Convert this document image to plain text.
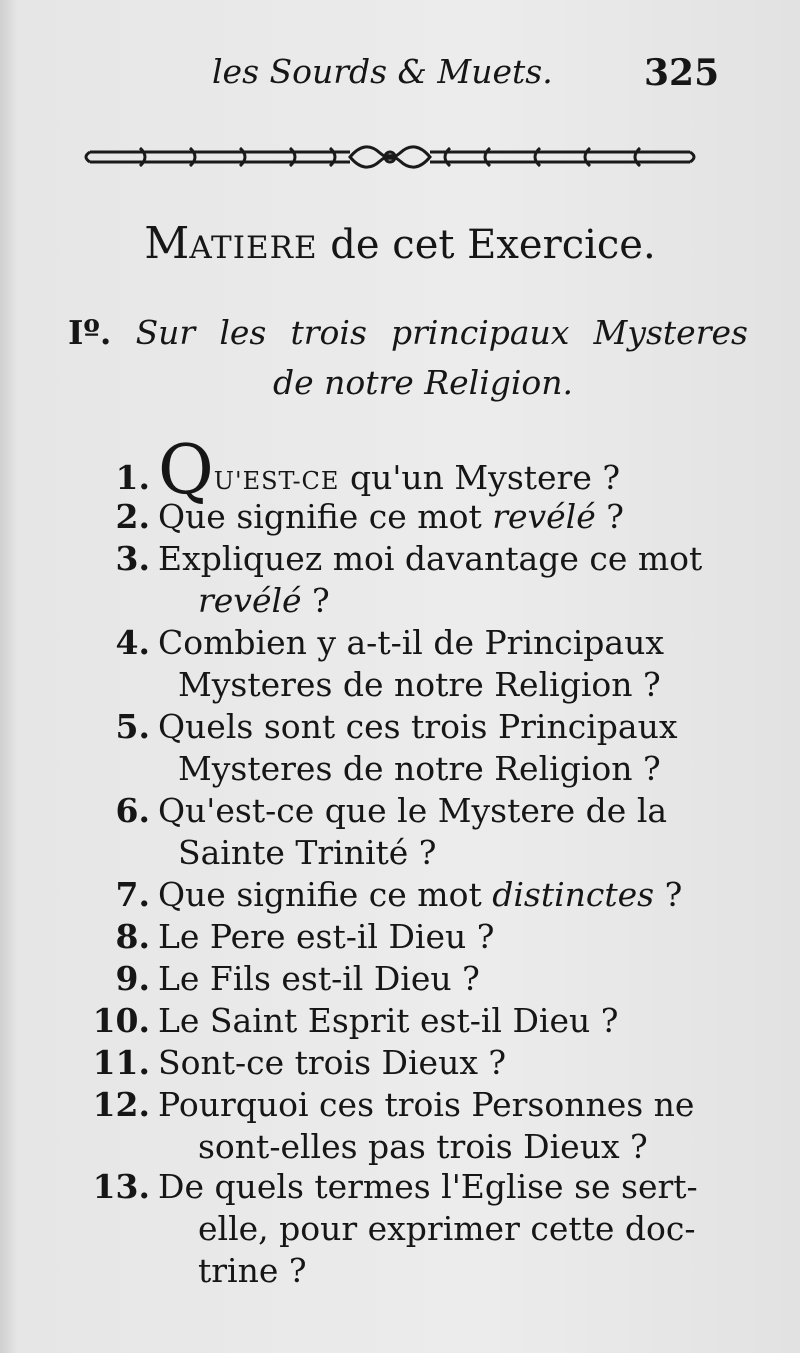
les Sourds & Muets.	325
MATIERE de cet Exercice.
Iº. Sur les trois principaux Mysteres
de notre Religion.
1. QU'EST-CE qu'un Mystere ?
2. Que signifie ce mot revélé ?
3. Expliquez moi davantage ce mot
revélé ?
4. Combien y a-t-il de Principaux
Mysteres de notre Religion ?
5. Quels sont ces trois Principaux
Mysteres de notre Religion ?
6. Qu'est-ce que le Mystere de la
Sainte Trinité ?
7. Que signifie ce mot distinctes ?
8. Le Pere est-il Dieu ?
9. Le Fils est-il Dieu ?
10. Le Saint Esprit est-il Dieu ?
11. Sont-ce trois Dieux ?
12. Pourquoi ces trois Personnes ne
sont-elles pas trois Dieux ?
13. De quels termes l'Eglise se sert-
elle, pour exprimer cette doc-
trine ?
